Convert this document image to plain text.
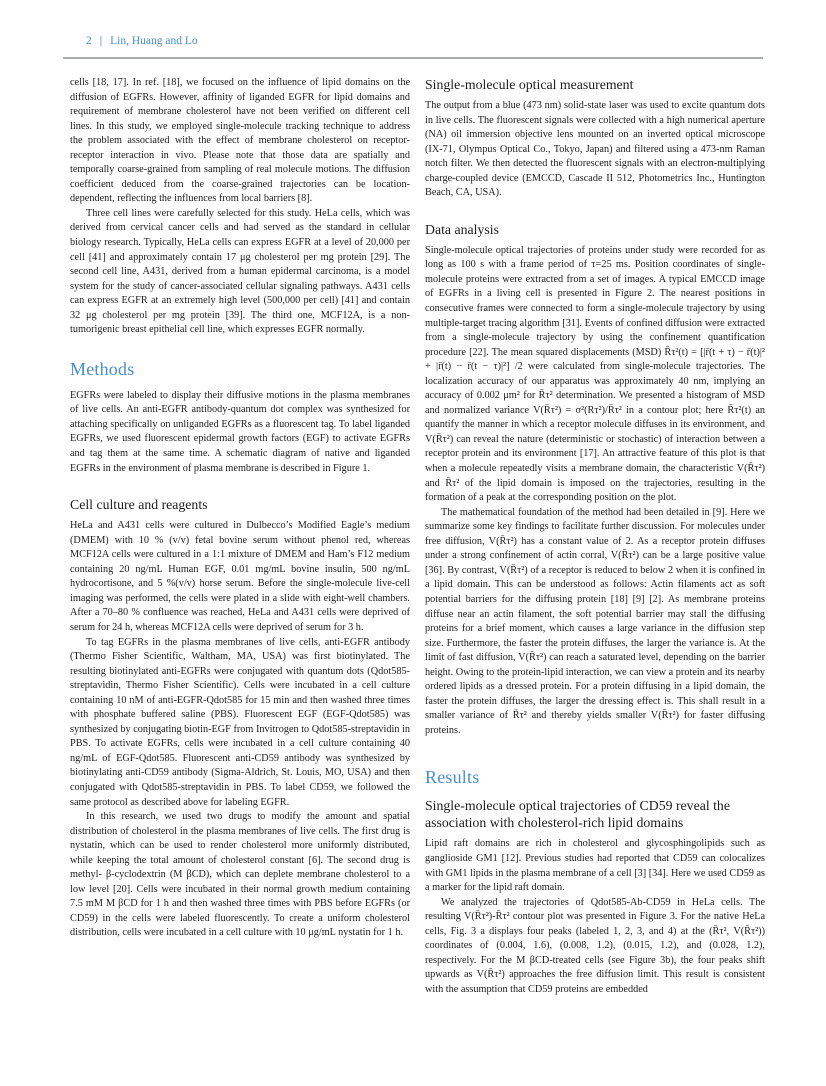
2 | Lin, Huang and Lo

cells [18, 17]. In ref. [18], we focused on the influence of lipid domains on the diffusion of EGFRs. However, affinity of liganded EGFR for lipid domains and requirement of membrane cholesterol have not been verified on different cell lines. In this study, we employed single-molecule tracking technique to address the problem associated with the effect of membrane cholesterol on receptor-receptor interaction in vivo. Please note that those data are spatially and temporally coarse-grained from sampling of real molecule motions. The diffusion coefficient deduced from the coarse-grained trajectories can be location-dependent, reflecting the influences from local barriers [8].

Three cell lines were carefully selected for this study. HeLa cells, which was derived from cervical cancer cells and had served as the standard in cellular biology research. Typically, HeLa cells can express EGFR at a level of 20,000 per cell [41] and approximately contain 17 μg cholesterol per mg protein [29]. The second cell line, A431, derived from a human epidermal carcinoma, is a model system for the study of cancer-associated cellular signaling pathways. A431 cells can express EGFR at an extremely high level (500,000 per cell) [41] and contain 32 μg cholesterol per mg protein [39]. The third one, MCF12A, is a non-tumorigenic breast epithelial cell line, which expresses EGFR normally.

Methods

EGFRs were labeled to display their diffusive motions in the plasma membranes of live cells. An anti-EGFR antibody-quantum dot complex was synthesized for attaching specifically on unliganded EGFRs as a fluorescent tag. To label liganded EGFRs, we used fluorescent epidermal growth factors (EGF) to activate EGFRs and tag them at the same time. A schematic diagram of native and liganded EGFRs in the environment of plasma membrane is described in Figure 1.

Cell culture and reagents

HeLa and A431 cells were cultured in Dulbecco’s Modified Eagle’s medium (DMEM) with 10 % (v/v) fetal bovine serum without phenol red, whereas MCF12A cells were cultured in a 1:1 mixture of DMEM and Ham’s F12 medium containing 20 ng/mL Human EGF, 0.01 mg/mL bovine insulin, 500 ng/mL hydrocortisone, and 5 %(v/v) horse serum. Before the single-molecule live-cell imaging was performed, the cells were plated in a slide with eight-well chambers. After a 70–80 % confluence was reached, HeLa and A431 cells were deprived of serum for 24 h, whereas MCF12A cells were deprived of serum for 3 h.

To tag EGFRs in the plasma membranes of live cells, anti-EGFR antibody (Thermo Fisher Scientific, Waltham, MA, USA) was first biotinylated. The resulting biotinylated anti-EGFRs were conjugated with quantum dots (Qdot585-streptavidin, Thermo Fisher Scientific). Cells were incubated in a cell culture containing 10 nM of anti-EGFR-Qdot585 for 15 min and then washed three times with phosphate buffered saline (PBS). Fluorescent EGF (EGF-Qdot585) was synthesized by conjugating biotin-EGF from Invitrogen to Qdot585-streptavidin in PBS. To activate EGFRs, cells were incubated in a cell culture containing 40 ng/mL of EGF-Qdot585. Fluorescent anti-CD59 antibody was synthesized by biotinylating anti-CD59 antibody (Sigma-Aldrich, St. Louis, MO, USA) and then conjugated with Qdot585-streptavidin in PBS. To label CD59, we followed the same protocol as described above for labeling EGFR.

In this research, we used two drugs to modify the amount and spatial distribution of cholesterol in the plasma membranes of live cells. The first drug is nystatin, which can be used to render cholesterol more uniformly distributed, while keeping the total amount of cholesterol constant [6]. The second drug is methyl- β-cyclodextrin (M βCD), which can deplete membrane cholesterol to a low level [20]. Cells were incubated in their normal growth medium containing 7.5 mM M βCD for 1 h and then washed three times with PBS before EGFRs (or CD59) in the cells were labeled fluorescently. To create a uniform cholesterol distribution, cells were incubated in a cell culture with 10 μg/mL nystatin for 1 h.

Single-molecule optical measurement

The output from a blue (473 nm) solid-state laser was used to excite quantum dots in live cells. The fluorescent signals were collected with a high numerical aperture (NA) oil immersion objective lens mounted on an inverted optical microscope (IX-71, Olympus Optical Co., Tokyo, Japan) and filtered using a 473-nm Raman notch filter. We then detected the fluorescent signals with an electron-multiplying charge-coupled device (EMCCD, Cascade II 512, Photometrics Inc., Huntington Beach, CA, USA).

Data analysis

Single-molecule optical trajectories of proteins under study were recorded for as long as 100 s with a frame period of τ=25 ms. Position coordinates of single-molecule proteins were extracted from a set of images. A typical EMCCD image of EGFRs in a living cell is presented in Figure 2. The nearest positions in consecutive frames were connected to form a single-molecule trajectory by using multiple-target tracing algorithm [31]. Events of confined diffusion were extracted from a single-molecule trajectory by using the confinement quantification procedure [22]. The mean squared displacements (MSD) R̄τ²(t) = [|r̄(t + τ) − r̄(t)|² + |r̄(t) − r̄(t − τ)|²] /2 were calculated from single-molecule trajectories. The localization accuracy of our apparatus was approximately 40 nm, implying an accuracy of 0.002 μm² for R̄τ² determination. We presented a histogram of MSD and normalized variance V(R̄τ²) = σ²(Rτ²)/R̄τ² in a contour plot; here R̄τ²(t) an quantify the manner in which a receptor molecule diffuses in its environment, and V(R̄τ²) can reveal the nature (deterministic or stochastic) of interaction between a receptor protein and its environment [17]. An attractive feature of this plot is that when a molecule repeatedly visits a membrane domain, the characteristic V(R̄τ²) and R̄τ² of the lipid domain is imposed on the trajectories, resulting in the formation of a peak at the corresponding position on the plot.

The mathematical foundation of the method had been detailed in [9]. Here we summarize some key findings to facilitate further discussion. For molecules under free diffusion, V(R̄τ²) has a constant value of 2. As a receptor protein diffuses under a strong confinement of actin corral, V(R̄τ²) can be a large positive value [36]. By contrast, V(R̄τ²) of a receptor is reduced to below 2 when it is confined in a lipid domain. This can be understood as follows: Actin filaments act as soft potential barriers for the diffusing protein [18] [9] [2]. As membrane proteins diffuse near an actin filament, the soft potential barrier may stall the diffusing proteins for a brief moment, which causes a large variance in the diffusion step size. Furthermore, the faster the protein diffuses, the larger the variance is. At the limit of fast diffusion, V(R̄τ²) can reach a saturated level, depending on the barrier height. Owing to the protein-lipid interaction, we can view a protein and its nearby ordered lipids as a dressed protein. For a protein diffusing in a lipid domain, the faster the protein diffuses, the larger the dressing effect is. This shall result in a smaller variance of R̄τ² and thereby yields smaller V(R̄τ²) for faster diffusing proteins.

Results
Single-molecule optical trajectories of CD59 reveal the association with cholesterol-rich lipid domains

Lipid raft domains are rich in cholesterol and glycosphingolipids such as ganglioside GM1 [12]. Previous studies had reported that CD59 can colocalizes with GM1 lipids in the plasma membrane of a cell [3] [34]. Here we used CD59 as a marker for the lipid raft domain.

We analyzed the trajectories of Qdot585-Ab-CD59 in HeLa cells. The resulting V(R̄τ²)-R̄τ² contour plot was presented in Figure 3. For the native HeLa cells, Fig. 3 a displays four peaks (labeled 1, 2, 3, and 4) at the (R̄τ², V(R̄τ²)) coordinates of (0.004, 1.6), (0.008, 1.2), (0.015, 1.2), and (0.028, 1.2), respectively. For the M βCD-treated cells (see Figure 3b), the four peaks shift upwards as V(R̄τ²) approaches the free diffusion limit. This result is consistent with the assumption that CD59 proteins are embedded
